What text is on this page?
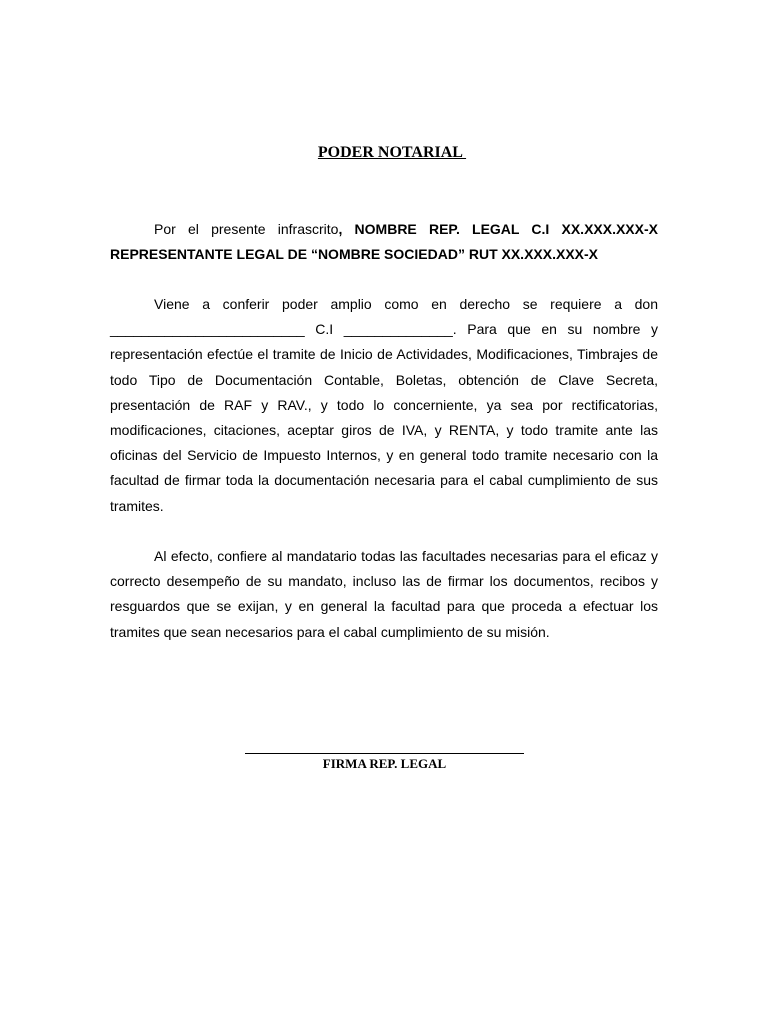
PODER NOTARIAL

Por el presente infrascrito, NOMBRE REP. LEGAL C.I XX.XXX.XXX-X REPRESENTANTE LEGAL DE “NOMBRE SOCIEDAD” RUT XX.XXX.XXX-X
Viene a conferir poder amplio como en derecho se requiere a don _________________________ C.I ______________. Para que en su nombre y representación efectúe el tramite de Inicio de Actividades, Modificaciones, Timbrajes de todo Tipo de Documentación Contable, Boletas, obtención de Clave Secreta, presentación de RAF y RAV., y todo lo concerniente, ya sea por rectificatorias, modificaciones, citaciones, aceptar giros de IVA, y RENTA, y todo tramite ante las oficinas del Servicio de Impuesto Internos, y en general todo tramite necesario con la facultad de firmar toda la documentación necesaria para el cabal cumplimiento de sus tramites.
Al efecto, confiere al mandatario todas las facultades necesarias para el eficaz y correcto desempeño de su mandato, incluso las de firmar los documentos, recibos y resguardos que se exijan, y en general la facultad para que proceda a efectuar los tramites que sean necesarios para el cabal cumplimiento de su misión.
FIRMA REP. LEGAL
